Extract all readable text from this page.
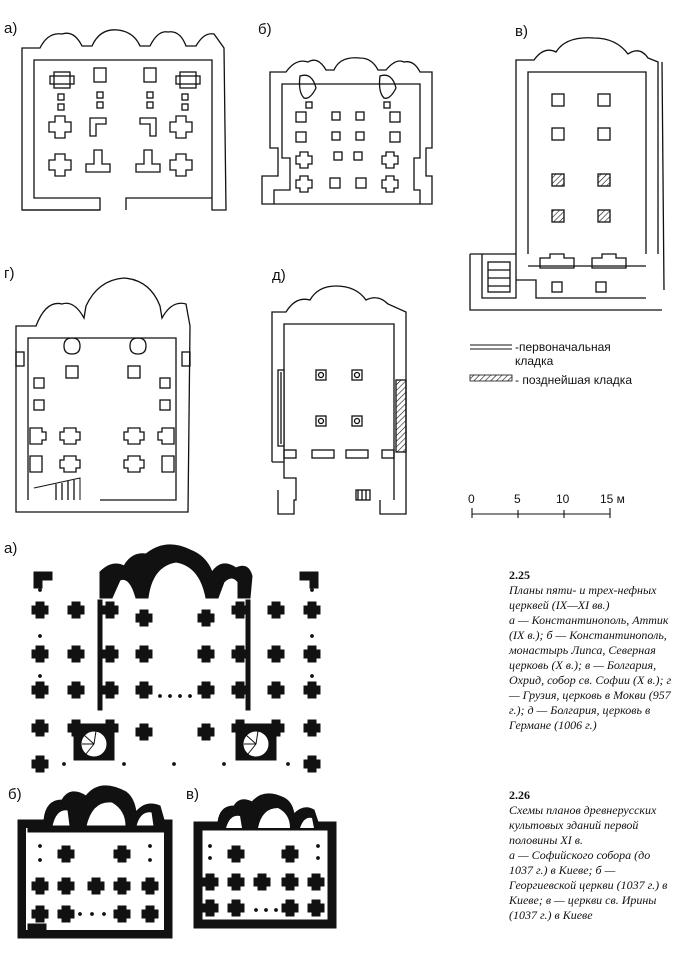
а)	б)	в)
г)	д)
а)
б)	в)
-первоначальная кладка
- позднейшая кладка
0	5	10	15 м
2.25
Планы пяти- и трех-нефных церквей (IX—XI вв.)
а — Константинополь, Аттик (IX в.); б — Константинополь, монастырь Липса, Северная церковь (X в.); в — Болгария, Охрид, собор св. Софии (X в.); г — Грузия, церковь в Мокви (957 г.); д — Болгария, церковь в Германе (1006 г.)
2.26
Схемы планов древнерусских культовых зданий первой половины XI в.
а — Софийского собора (до 1037 г.) в Киеве; б — Георгиевской церкви (1037 г.) в Киеве; в — церкви св. Ирины (1037 г.) в Киеве
